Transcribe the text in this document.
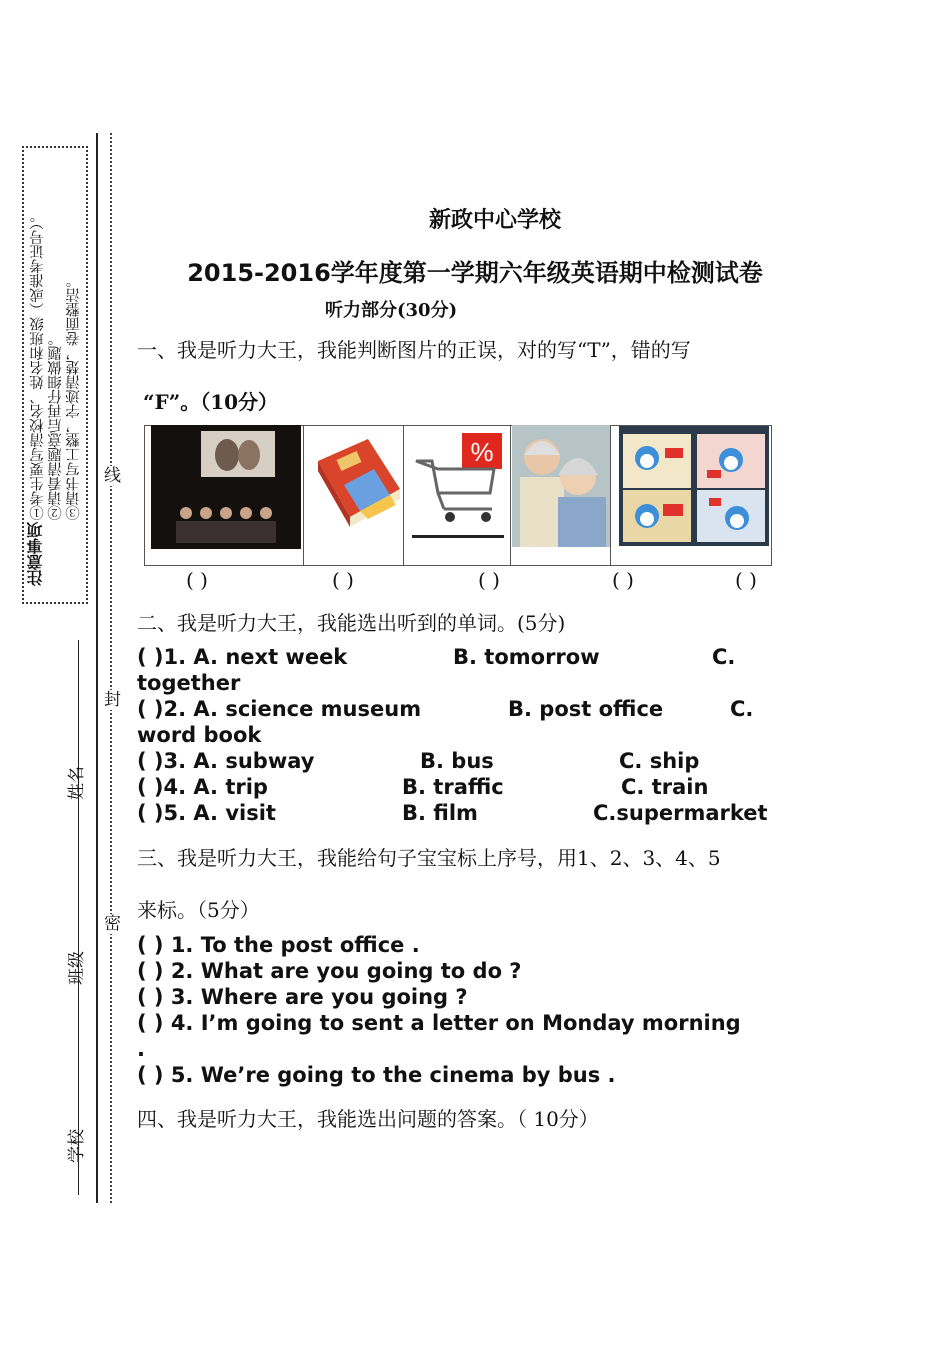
注意事项
①考生要写清校名、姓名和班级（或准考证号）。 ②请看清题意后再仔细做题。 ③请书写工整，字迹清楚，卷面整洁。
姓名
班级
学校
线
封
密
新政中心学校
2015-2016学年度第一学期六年级英语期中检测试卷
听力部分(30分)
一、我是听力大王，我能判断图片的正误，对的写“T”，错的写
“F”。（10分）
%
( )	( )	( )	( )	( )
二、我是听力大王，我能选出听到的单词。(5分)
( )1. A. next week	B. tomorrow	C.
together
( )2. A. science museum	B. post office	C.
word book
( )3. A. subway	B. bus	C. ship
( )4. A. trip	B. traffic	C. train
( )5. A. visit	B. film	C.supermarket
三、我是听力大王，我能给句子宝宝标上序号，用1、2、3、4、5
来标。（5分）
( ) 1. To the post office .
( ) 2. What are you going to do ?
( ) 3. Where are you going ?
( ) 4. I’m going to sent a letter on Monday morning
.
( ) 5. We’re going to the cinema by bus .
四、我是听力大王，我能选出问题的答案。（ 10分）
